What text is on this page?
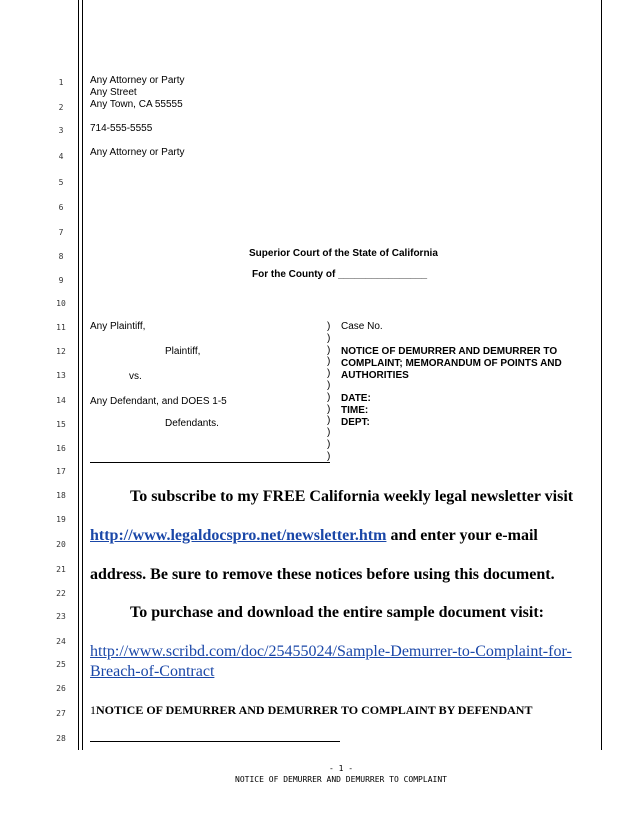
1
2
3
4
5
6
7
8
9
10
11
12
13
14
15
16
17
18
19
20
21
22
23
24
25
26
27
28
Any Attorney or Party
Any Street
Any Town, CA 55555
714-555-5555
Any Attorney or Party
Superior Court of the State of California
For the County of ________________
Any Plaintiff,
Plaintiff,
vs.
Any Defendant, and DOES 1-5
Defendants.
)
)
)
)
)
)
)
)
)
)
)
)
Case No.
NOTICE OF DEMURRER AND DEMURRER TO
COMPLAINT; MEMORANDUM OF POINTS AND
AUTHORITIES
DATE:
TIME:
DEPT:
To subscribe to my FREE California weekly legal newsletter visit
http://www.legaldocspro.net/newsletter.htm and enter your e-mail
address. Be sure to remove these notices before using this document.
To purchase and download the entire sample document visit:
http://www.scribd.com/doc/25455024/Sample-Demurrer-to-Complaint-for-
Breach-of-Contract
1NOTICE OF DEMURRER AND DEMURRER TO COMPLAINT BY DEFENDANT
- 1 -
NOTICE OF DEMURRER AND DEMURRER TO COMPLAINT
